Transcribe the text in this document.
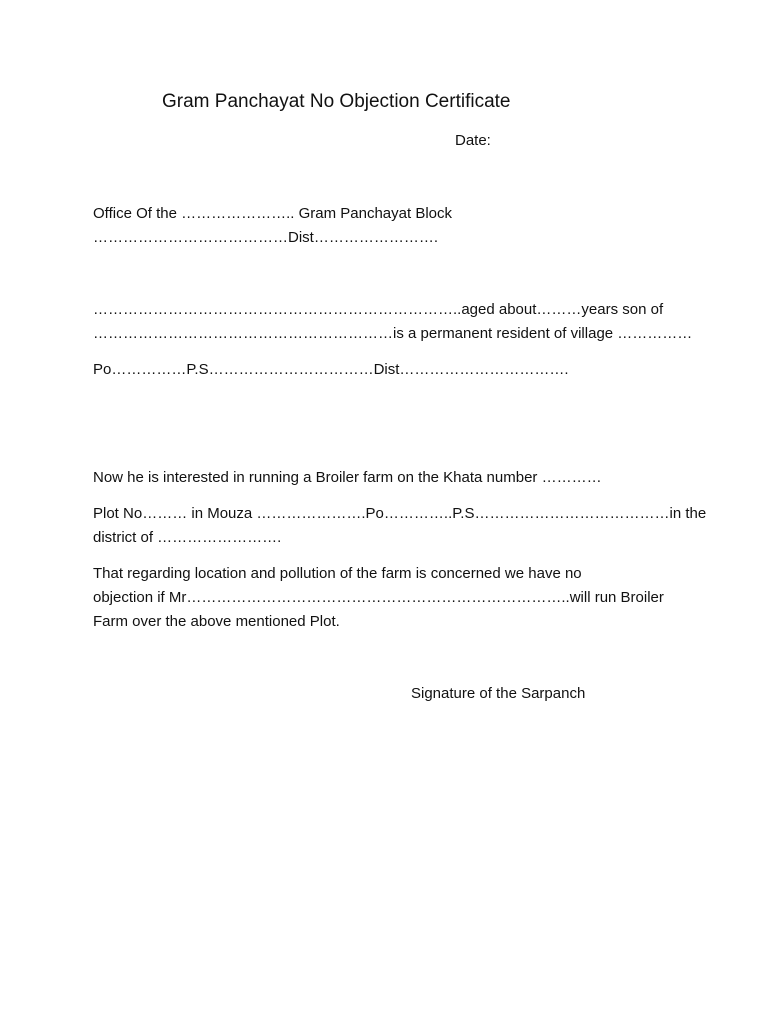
Gram Panchayat No Objection Certificate
Date:
Office Of the ………………….. Gram Panchayat Block
…………………………………Dist…………………….
………………………………………………………………..aged about………years son of
……………………………………………………is a permanent resident of village ……………
Po……………P.S……………………………Dist…………………………….
Now he is interested in running a Broiler farm on the Khata number …………
Plot No……… in Mouza ………………….Po…………..P.S…………………………………in the
district of …………………….
That regarding location and pollution of the farm is concerned we have no
objection if Mr…………………………………………………………………..will run Broiler
Farm over the above mentioned Plot.
Signature of the Sarpanch
